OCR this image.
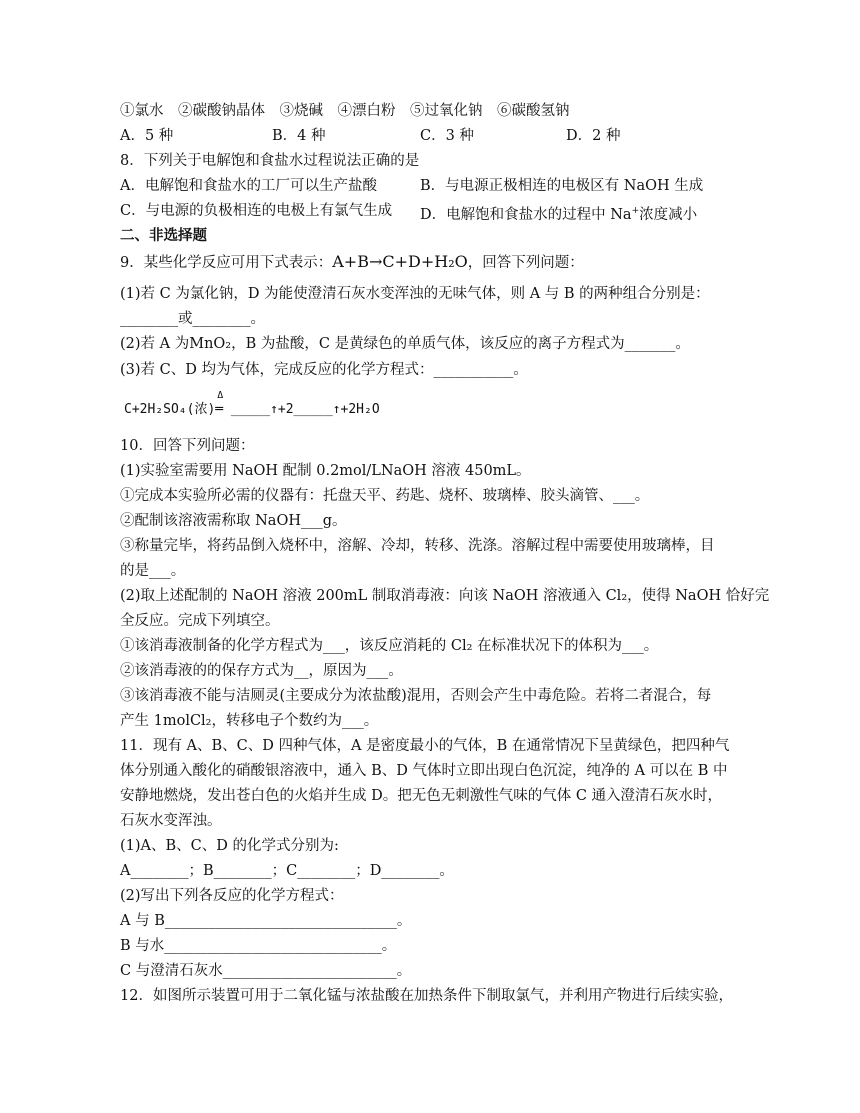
①氯水　②碳酸钠晶体　③烧碱　④漂白粉　⑤过氧化钠　⑥碳酸氢钠
A．5 种	B．4 种	C．3 种	D．2 种
8．下列关于电解饱和食盐水过程说法正确的是
A．电解饱和食盐水的工厂可以生产盐酸	B．与电源正极相连的电极区有 NaOH 生成
C．与电源的负极相连的电极上有氯气生成 D．电解饱和食盐水的过程中 Na+浓度减小
二、非选择题
9．某些化学反应可用下式表示：A+B→C+D+H₂O，回答下列问题：
(1)若 C 为氯化钠，D 为能使澄清石灰水变浑浊的无味气体，则 A 与 B 的两种组合分别是：
________或________。
(2)若 A 为MnO₂，B 为盐酸，C 是黄绿色的单质气体，该反应的离子方程式为_______。
(3)若 C、D 均为气体，完成反应的化学方程式：___________。
C+2H₂SO₄(浓)
Δ
═ _____↑+2_____↑+2H₂O
10．回答下列问题：
(1)实验室需要用 NaOH 配制 0.2mol/LNaOH 溶液 450mL。
①完成本实验所必需的仪器有：托盘天平、药匙、烧杯、玻璃棒、胶头滴管、___。
②配制该溶液需称取 NaOH___g。
③称量完毕，将药品倒入烧杯中，溶解、冷却，转移、洗涤。溶解过程中需要使用玻璃棒，目
的是___。
(2)取上述配制的 NaOH 溶液 200mL 制取消毒液：向该 NaOH 溶液通入 Cl₂，使得 NaOH 恰好完
全反应。完成下列填空。
①该消毒液制备的化学方程式为___，该反应消耗的 Cl₂ 在标准状况下的体积为___。
②该消毒液的的保存方式为__，原因为___。
③该消毒液不能与洁厕灵(主要成分为浓盐酸)混用，否则会产生中毒危险。若将二者混合，每
产生 1molCl₂，转移电子个数约为___。
11．现有 A、B、C、D 四种气体，A 是密度最小的气体，B 在通常情况下呈黄绿色，把四种气
体分别通入酸化的硝酸银溶液中，通入 B、D 气体时立即出现白色沉淀，纯净的 A 可以在 B 中
安静地燃烧，发出苍白色的火焰并生成 D。把无色无刺激性气味的气体 C 通入澄清石灰水时，
石灰水变浑浊。
(1)A、B、C、D 的化学式分别为:
A________；B________；C________；D________。
(2)写出下列各反应的化学方程式：
A 与 B________________________________。
B 与水______________________________。
C 与澄清石灰水________________________。
12．如图所示装置可用于二氧化锰与浓盐酸在加热条件下制取氯气，并利用产物进行后续实验，
